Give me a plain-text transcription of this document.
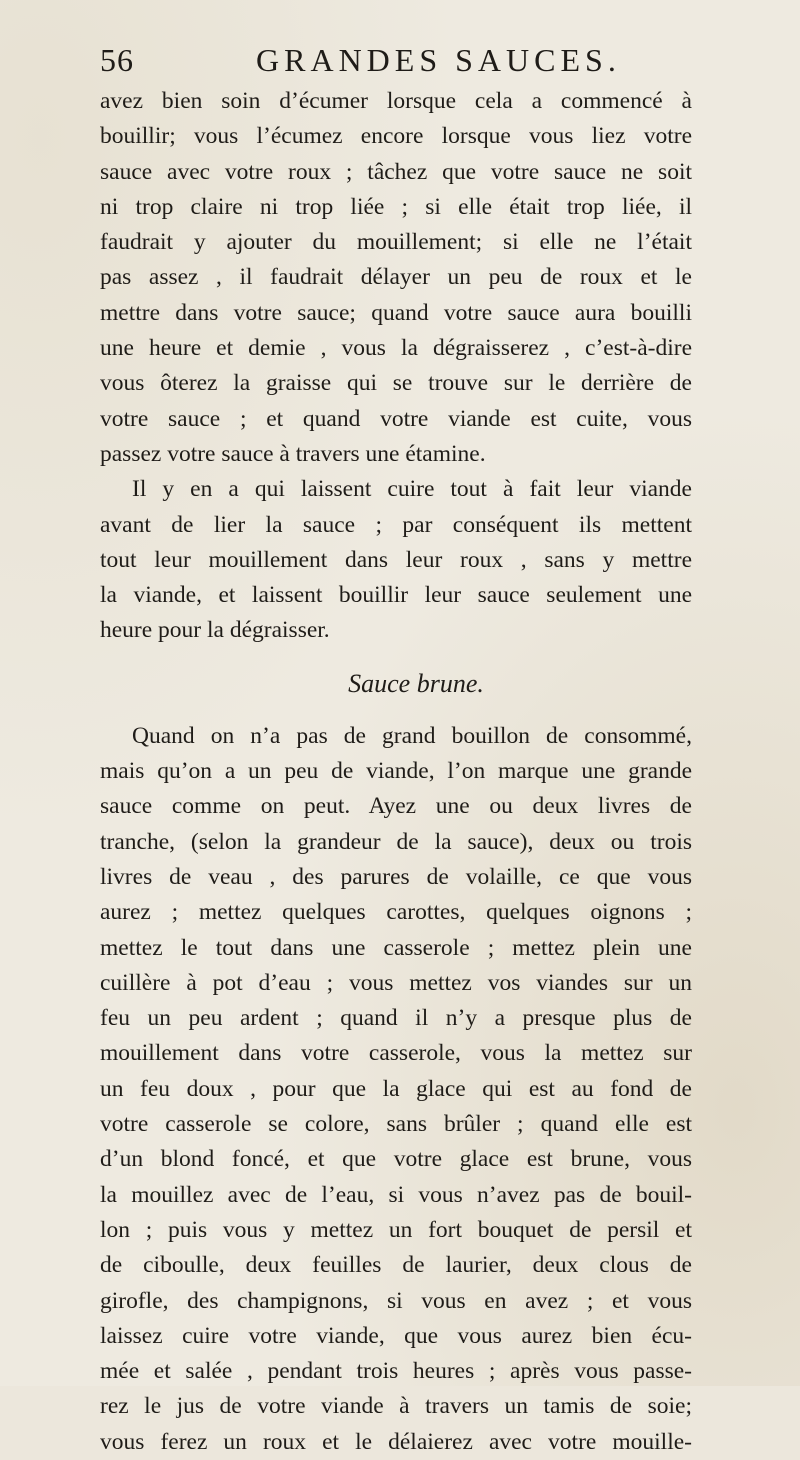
56	GRANDES SAUCES.
avez bien soin d’écumer lorsque cela a commencé à
bouillir; vous l’écumez encore lorsque vous liez votre
sauce avec votre roux ; tâchez que votre sauce ne soit
ni trop claire ni trop liée ; si elle était trop liée, il
faudrait y ajouter du mouillement; si elle ne l’était
pas assez , il faudrait délayer un peu de roux et le
mettre dans votre sauce; quand votre sauce aura bouilli
une heure et demie , vous la dégraisserez , c’est-à-dire
vous ôterez la graisse qui se trouve sur le derrière de
votre sauce ; et quand votre viande est cuite, vous
passez votre sauce à travers une étamine.
Il y en a qui laissent cuire tout à fait leur viande
avant de lier la sauce ; par conséquent ils mettent
tout leur mouillement dans leur roux , sans y mettre
la viande, et laissent bouillir leur sauce seulement une
heure pour la dégraisser.
Sauce brune.
Quand on n’a pas de grand bouillon de consommé,
mais qu’on a un peu de viande, l’on marque une grande
sauce comme on peut. Ayez une ou deux livres de
tranche, (selon la grandeur de la sauce), deux ou trois
livres de veau , des parures de volaille, ce que vous
aurez ; mettez quelques carottes, quelques oignons ;
mettez le tout dans une casserole ; mettez plein une
cuillère à pot d’eau ; vous mettez vos viandes sur un
feu un peu ardent ; quand il n’y a presque plus de
mouillement dans votre casserole, vous la mettez sur
un feu doux , pour que la glace qui est au fond de
votre casserole se colore, sans brûler ; quand elle est
d’un blond foncé, et que votre glace est brune, vous
la mouillez avec de l’eau, si vous n’avez pas de bouil-
lon ; puis vous y mettez un fort bouquet de persil et
de ciboulle, deux feuilles de laurier, deux clous de
girofle, des champignons, si vous en avez ; et vous
laissez cuire votre viande, que vous aurez bien écu-
mée et salée , pendant trois heures ; après vous passe-
rez le jus de votre viande à travers un tamis de soie;
vous ferez un roux et le délaierez avec votre mouille-
